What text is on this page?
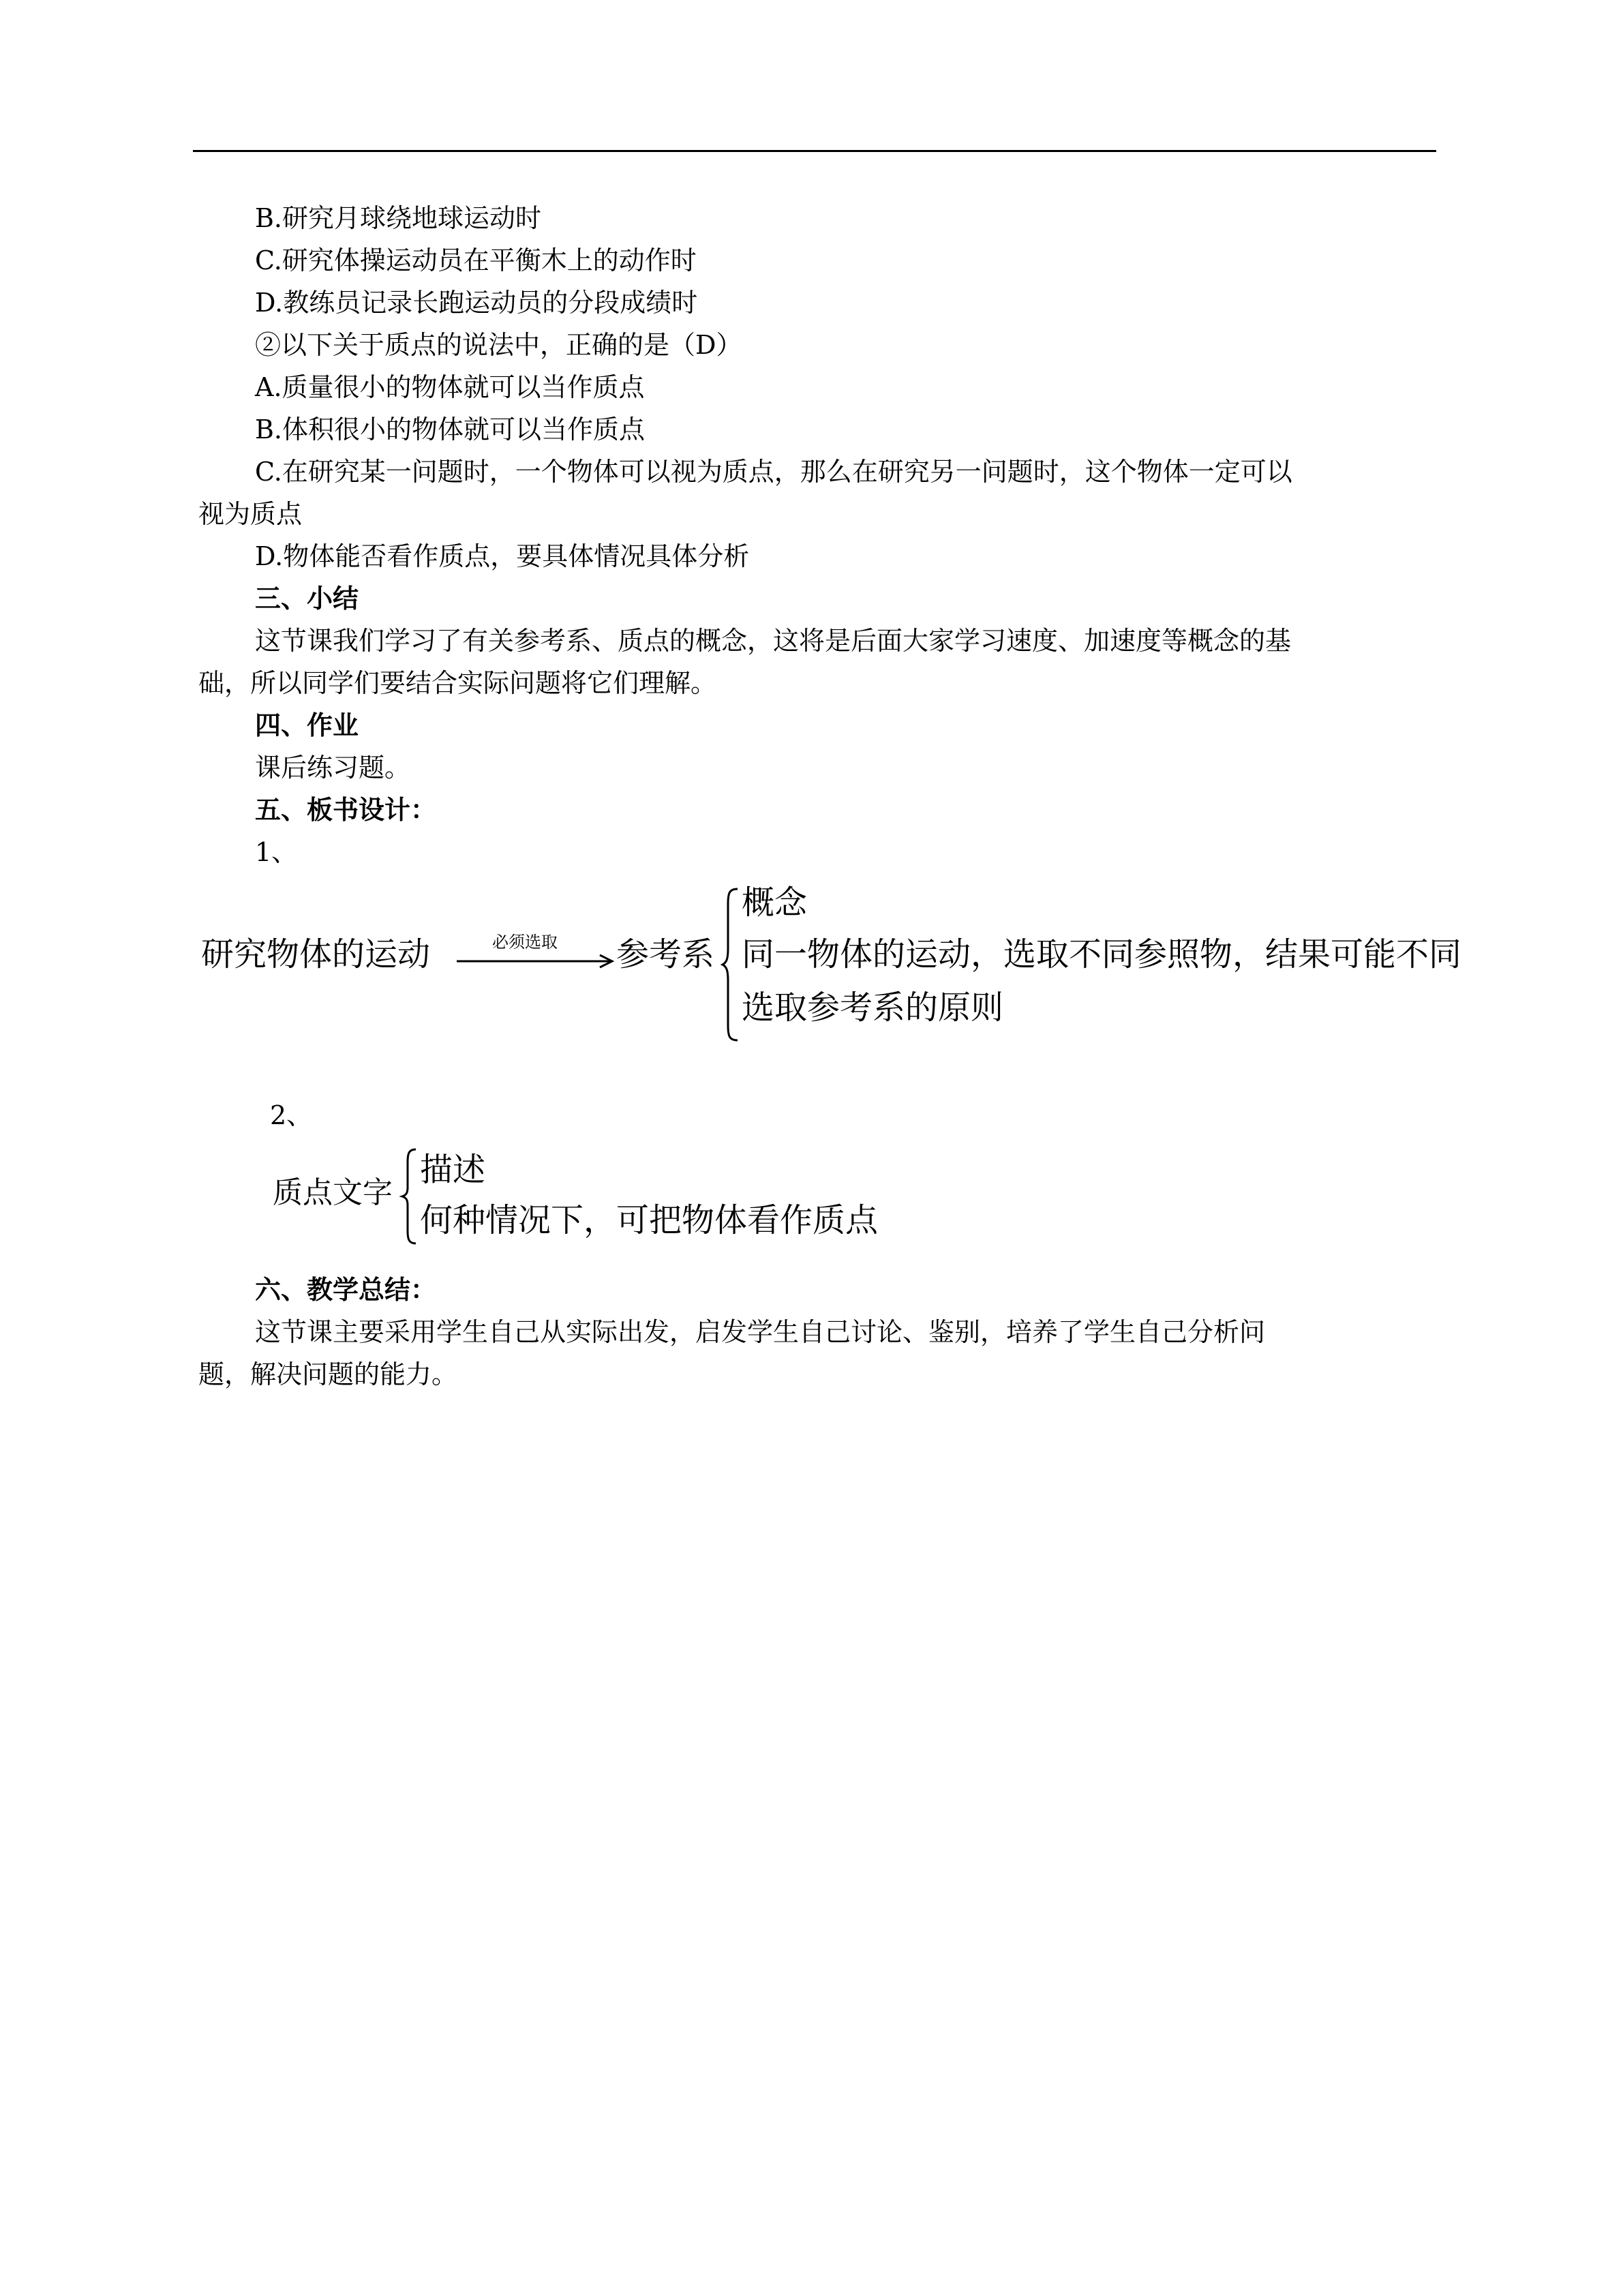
B.研究月球绕地球运动时
C.研究体操运动员在平衡木上的动作时
D.教练员记录长跑运动员的分段成绩时
②以下关于质点的说法中，正确的是（D）
A.质量很小的物体就可以当作质点
B.体积很小的物体就可以当作质点
C.在研究某一问题时，一个物体可以视为质点，那么在研究另一问题时，这个物体一定可以
视为质点
D.物体能否看作质点，要具体情况具体分析
三、小结
这节课我们学习了有关参考系、质点的概念，这将是后面大家学习速度、加速度等概念的基
础，所以同学们要结合实际问题将它们理解。
四、作业
课后练习题。
五、板书设计：
1、
研究物体的运动	必须选取 参考系
概念
同一物体的运动，选取不同参照物，结果可能不同
选取参考系的原则
2、
质点文字
描述
何种情况下，可把物体看作质点
六、教学总结：
这节课主要采用学生自己从实际出发，启发学生自己讨论、鉴别，培养了学生自己分析问
题，解决问题的能力。
